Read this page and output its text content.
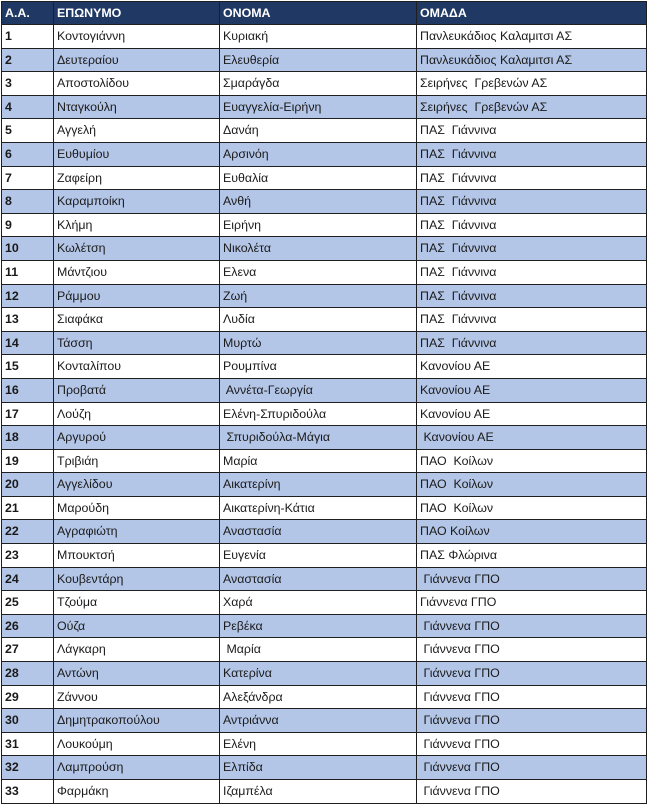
Α.Α.	ΕΠΩΝΥΜΟ	ΟΝΟΜΑ	ΟΜΑΔΑ
1	Κοντογιάννη	Κυριακή	Πανλευκάδιος Καλαμιτσι ΑΣ
2	Δευτεραίου	Ελευθερία	Πανλευκάδιος Καλαμιτσι ΑΣ
3	Αποστολίδου	Σμαράγδα	Σειρήνες  Γρεβενών ΑΣ
4	Νταγκούλη	Ευαγγελία-Ειρήνη	Σειρήνες  Γρεβενών ΑΣ
5	Αγγελή	Δανάη	ΠΑΣ  Γιάννινα
6	Ευθυμίου	Αρσινόη	ΠΑΣ  Γιάννινα
7	Ζαφείρη	Ευθαλία	ΠΑΣ  Γιάννινα
8	Καραμποίκη	Ανθή	ΠΑΣ  Γιάννινα
9	Κλήμη	Ειρήνη	ΠΑΣ  Γιάννινα
10	Κωλέτση	Νικολέτα	ΠΑΣ  Γιάννινα
11	Μάντζιου	Ελενα	ΠΑΣ  Γιάννινα
12	Ράμμου	Ζωή	ΠΑΣ  Γιάννινα
13	Σιαφάκα	Λυδία	ΠΑΣ  Γιάννινα
14	Τάσση	Μυρτώ	ΠΑΣ  Γιάννινα
15	Κονταλίπου	Ρουμπίνα	Κανονίου ΑΕ
16	Προβατά	Αννέτα-Γεωργία	Κανονίου ΑΕ
17	Λούζη	Ελένη-Σπυριδούλα	Κανονίου ΑΕ
18	Αργυρού	Σπυριδούλα-Μάγια	Κανονίου ΑΕ
19	Τριβιάη	Μαρία	ΠΑΟ  Κοίλων
20	Αγγελίδου	Αικατερίνη	ΠΑΟ  Κοίλων
21	Μαρούδη	Αικατερίνη-Κάτια	ΠΑΟ  Κοίλων
22	Αγραφιώτη	Αναστασία	ΠΑΟ Κοίλων
23	Μπουκτσή	Ευγενία	ΠΑΣ Φλώρινα
24	Κουβεντάρη	Αναστασία	Γιάννενα ΓΠΟ
25	Τζούμα	Χαρά	Γιάννενα ΓΠΟ
26	Ούζα	Ρεβέκα	Γιάννενα ΓΠΟ
27	Λάγκαρη	Μαρία	Γιάννενα ΓΠΟ
28	Αντώνη	Κατερίνα	Γιάννενα ΓΠΟ
29	Ζάννου	Αλεξάνδρα	Γιάννενα ΓΠΟ
30	Δημητρακοπούλου	Αντριάννα	Γιάννενα ΓΠΟ
31	Λουκούμη	Ελένη	Γιάννενα ΓΠΟ
32	Λαμπρούση	Ελπίδα	Γιάννενα ΓΠΟ
33	Φαρμάκη	Ιζαμπέλα	Γιάννενα ΓΠΟ
